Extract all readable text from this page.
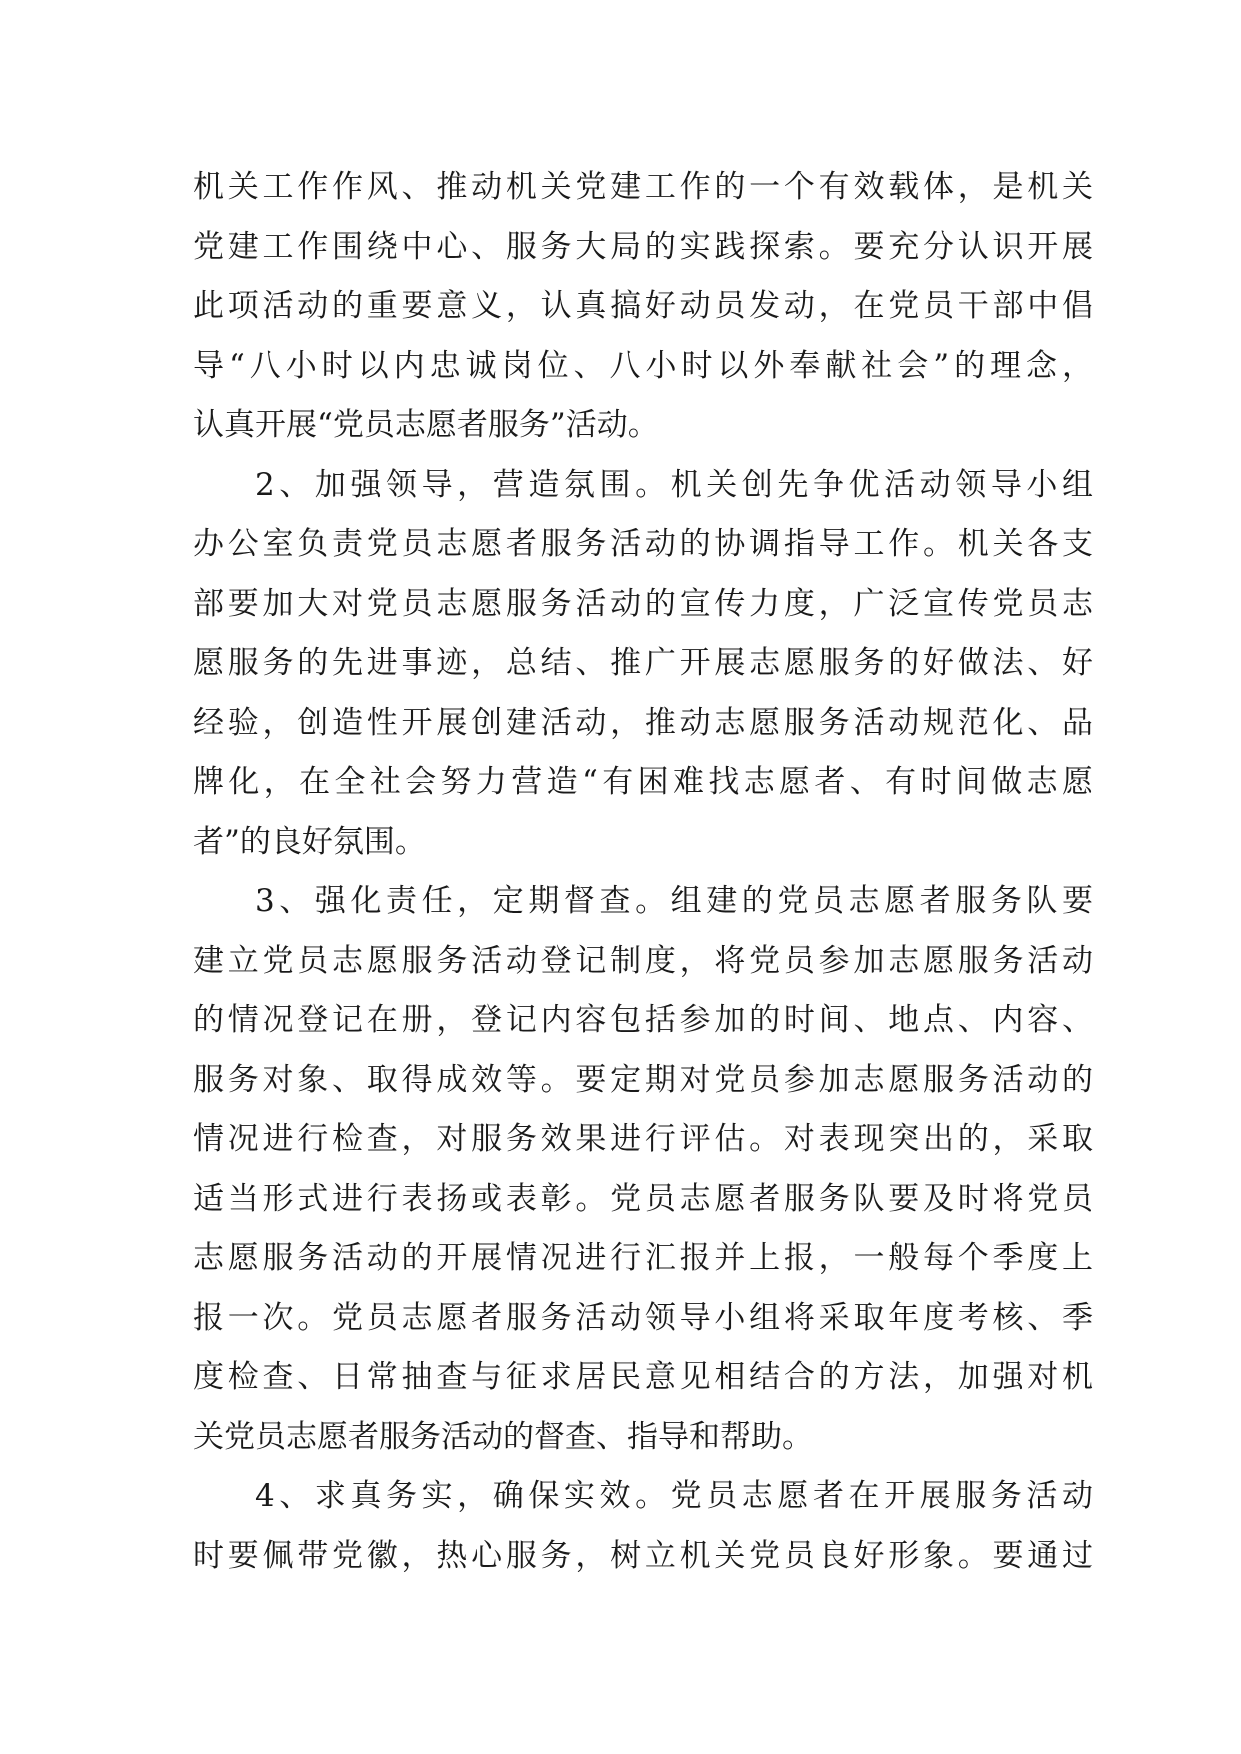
机关工作作风、推动机关党建工作的一个有效载体，是机关
党建工作围绕中心、服务大局的实践探索。要充分认识开展
此项活动的重要意义，认真搞好动员发动，在党员干部中倡
导“八小时以内忠诚岗位、八小时以外奉献社会”的理念，
认真开展“党员志愿者服务”活动。
2、加强领导，营造氛围。机关创先争优活动领导小组
办公室负责党员志愿者服务活动的协调指导工作。机关各支
部要加大对党员志愿服务活动的宣传力度，广泛宣传党员志
愿服务的先进事迹，总结、推广开展志愿服务的好做法、好
经验，创造性开展创建活动，推动志愿服务活动规范化、品
牌化，在全社会努力营造“有困难找志愿者、有时间做志愿
者”的良好氛围。
3、强化责任，定期督查。组建的党员志愿者服务队要
建立党员志愿服务活动登记制度，将党员参加志愿服务活动
的情况登记在册，登记内容包括参加的时间、地点、内容、
服务对象、取得成效等。要定期对党员参加志愿服务活动的
情况进行检查，对服务效果进行评估。对表现突出的，采取
适当形式进行表扬或表彰。党员志愿者服务队要及时将党员
志愿服务活动的开展情况进行汇报并上报，一般每个季度上
报一次。党员志愿者服务活动领导小组将采取年度考核、季
度检查、日常抽查与征求居民意见相结合的方法，加强对机
关党员志愿者服务活动的督查、指导和帮助。
4、求真务实，确保实效。党员志愿者在开展服务活动
时要佩带党徽，热心服务，树立机关党员良好形象。要通过
